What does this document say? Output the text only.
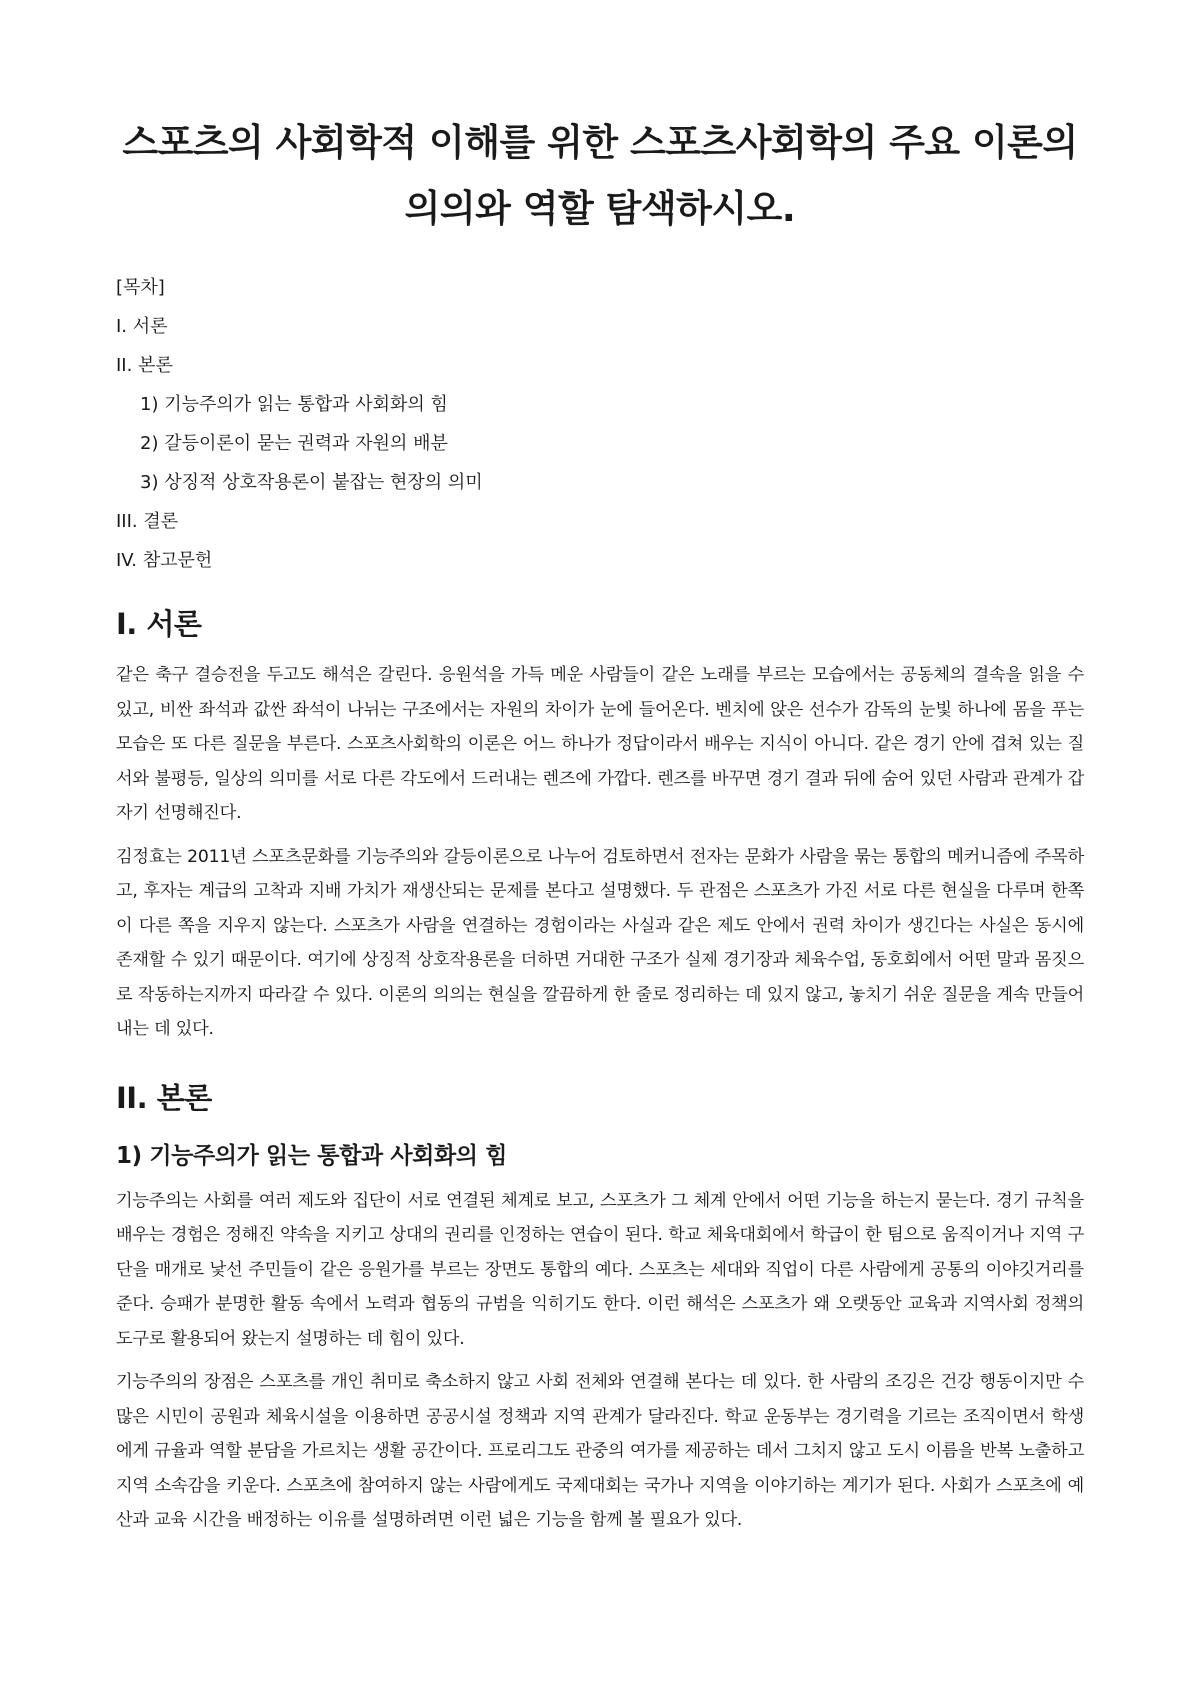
스포츠의 사회학적 이해를 위한 스포츠사회학의 주요 이론의 의의와 역할 탐색하시오.
[목차]
I. 서론
II. 본론
1) 기능주의가 읽는 통합과 사회화의 힘
2) 갈등이론이 묻는 권력과 자원의 배분
3) 상징적 상호작용론이 붙잡는 현장의 의미
III. 결론
IV. 참고문헌
I. 서론

같은 축구 결승전을 두고도 해석은 갈린다. 응원석을 가득 메운 사람들이 같은 노래를 부르는 모습에서는 공동체의 결속을 읽을 수 있고, 비싼 좌석과 값싼 좌석이 나뉘는 구조에서는 자원의 차이가 눈에 들어온다. 벤치에 앉은 선수가 감독의 눈빛 하나에 몸을 푸는 모습은 또 다른 질문을 부른다. 스포츠사회학의 이론은 어느 하나가 정답이라서 배우는 지식이 아니다. 같은 경기 안에 겹쳐 있는 질서와 불평등, 일상의 의미를 서로 다른 각도에서 드러내는 렌즈에 가깝다. 렌즈를 바꾸면 경기 결과 뒤에 숨어 있던 사람과 관계가 갑자기 선명해진다.

김정효는 2011년 스포츠문화를 기능주의와 갈등이론으로 나누어 검토하면서 전자는 문화가 사람을 묶는 통합의 메커니즘에 주목하고, 후자는 계급의 고착과 지배 가치가 재생산되는 문제를 본다고 설명했다. 두 관점은 스포츠가 가진 서로 다른 현실을 다루며 한쪽이 다른 쪽을 지우지 않는다. 스포츠가 사람을 연결하는 경험이라는 사실과 같은 제도 안에서 권력 차이가 생긴다는 사실은 동시에 존재할 수 있기 때문이다. 여기에 상징적 상호작용론을 더하면 거대한 구조가 실제 경기장과 체육수업, 동호회에서 어떤 말과 몸짓으로 작동하는지까지 따라갈 수 있다. 이론의 의의는 현실을 깔끔하게 한 줄로 정리하는 데 있지 않고, 놓치기 쉬운 질문을 계속 만들어 내는 데 있다.

II. 본론
1) 기능주의가 읽는 통합과 사회화의 힘

기능주의는 사회를 여러 제도와 집단이 서로 연결된 체계로 보고, 스포츠가 그 체계 안에서 어떤 기능을 하는지 묻는다. 경기 규칙을 배우는 경험은 정해진 약속을 지키고 상대의 권리를 인정하는 연습이 된다. 학교 체육대회에서 학급이 한 팀으로 움직이거나 지역 구단을 매개로 낯선 주민들이 같은 응원가를 부르는 장면도 통합의 예다. 스포츠는 세대와 직업이 다른 사람에게 공통의 이야깃거리를 준다. 승패가 분명한 활동 속에서 노력과 협동의 규범을 익히기도 한다. 이런 해석은 스포츠가 왜 오랫동안 교육과 지역사회 정책의 도구로 활용되어 왔는지 설명하는 데 힘이 있다.

기능주의의 장점은 스포츠를 개인 취미로 축소하지 않고 사회 전체와 연결해 본다는 데 있다. 한 사람의 조깅은 건강 행동이지만 수많은 시민이 공원과 체육시설을 이용하면 공공시설 정책과 지역 관계가 달라진다. 학교 운동부는 경기력을 기르는 조직이면서 학생에게 규율과 역할 분담을 가르치는 생활 공간이다. 프로리그도 관중의 여가를 제공하는 데서 그치지 않고 도시 이름을 반복 노출하고 지역 소속감을 키운다. 스포츠에 참여하지 않는 사람에게도 국제대회는 국가나 지역을 이야기하는 계기가 된다. 사회가 스포츠에 예산과 교육 시간을 배정하는 이유를 설명하려면 이런 넓은 기능을 함께 볼 필요가 있다.
